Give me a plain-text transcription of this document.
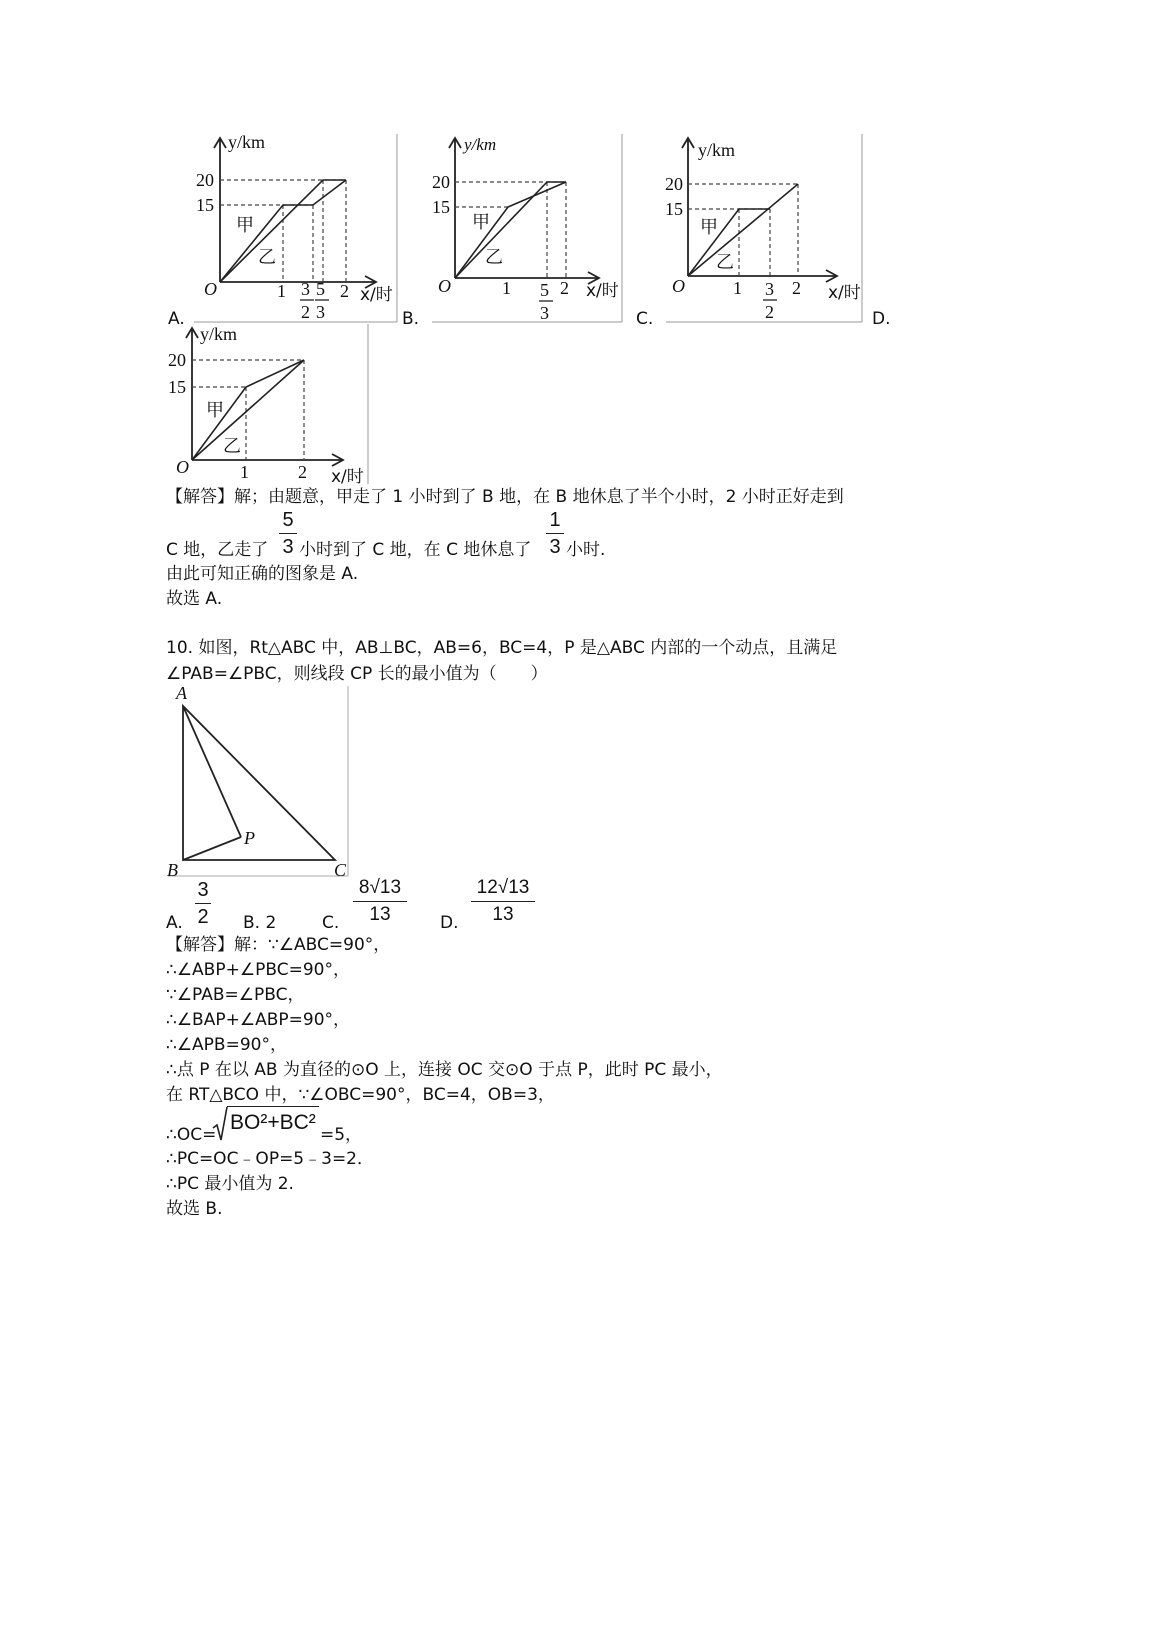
y/km
20
15
甲
乙
O	1 3
2
5
3
2 x/时
y/km
20
15
甲
乙
O	1 5
3
2 x/时
y/km
20
15
甲
乙
O	1 3
2
2 x/时
y/km
20
15
甲
乙
O	1	2 x/时
A.	B.	C.	D.
【解答】解；由题意，甲走了 1 小时到了 B 地，在 B 地休息了半个小时，2 小时正好走到
C 地，乙走了
5
3 小时到了 C 地，在 C 地休息了
1
3 小时.
由此可知正确的图象是 A.
故选 A.
10. 如图，Rt△ABC 中，AB⊥BC，AB=6，BC=4，P 是△ABC 内部的一个动点，且满足
∠PAB=∠PBC，则线段 CP 长的最小值为（　　）
A
B	C
P
A.
3
2 B. 2	C.
8√13
13	D.
12√13
13
【解答】解：∵∠ABC=90°，
∴∠ABP+∠PBC=90°，
∵∠PAB=∠PBC，
∴∠BAP+∠ABP=90°，
∴∠APB=90°，
∴点 P 在以 AB 为直径的⊙O 上，连接 OC 交⊙O 于点 P，此时 PC 最小，
在 RT△BCO 中，∵∠OBC=90°，BC=4，OB=3，
∴OC=
BO²+BC²
=5，
∴PC=OC﹣OP=5﹣3=2．
∴PC 最小值为 2.
故选 B.
